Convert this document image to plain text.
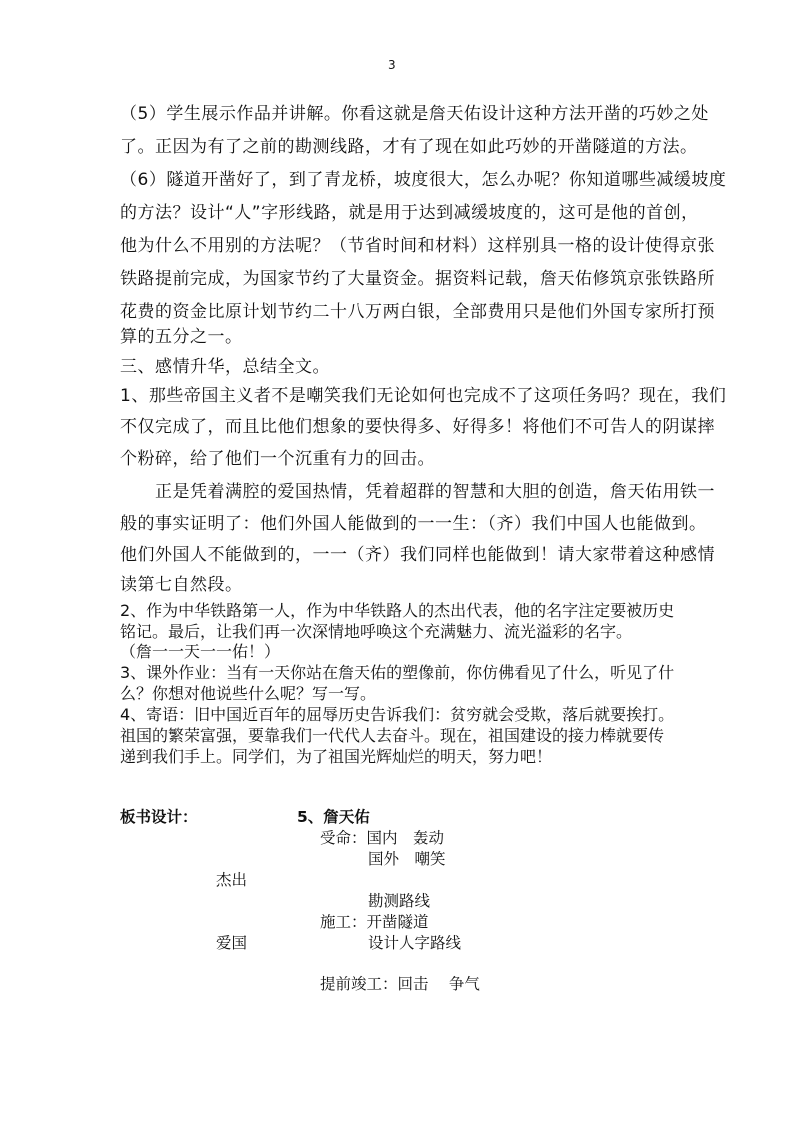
3
（5）学生展示作品并讲解。你看这就是詹天佑设计这种方法开凿的巧妙之处
了。正因为有了之前的勘测线路，才有了现在如此巧妙的开凿隧道的方法。
（6）隧道开凿好了，到了青龙桥，坡度很大，怎么办呢？你知道哪些减缓坡度
的方法？设计“人”字形线路，就是用于达到减缓坡度的，这可是他的首创，
他为什么不用别的方法呢？（节省时间和材料）这样别具一格的设计使得京张
铁路提前完成，为国家节约了大量资金。据资料记载，詹天佑修筑京张铁路所
花费的资金比原计划节约二十八万两白银，全部费用只是他们外国专家所打预
算的五分之一。
三、感情升华，总结全文。
1、那些帝国主义者不是嘲笑我们无论如何也完成不了这项任务吗？现在，我们
不仅完成了，而且比他们想象的要快得多、好得多！将他们不可告人的阴谋摔
个粉碎，给了他们一个沉重有力的回击。
　　正是凭着满腔的爱国热情，凭着超群的智慧和大胆的创造，詹天佑用铁一
般的事实证明了：他们外国人能做到的一一生：（齐）我们中国人也能做到。
他们外国人不能做到的，一一（齐）我们同样也能做到！请大家带着这种感情
读第七自然段。
2、作为中华铁路第一人，作为中华铁路人的杰出代表，他的名字注定要被历史
铭记。最后，让我们再一次深情地呼唤这个充满魅力、流光溢彩的名字。
（詹一一天一一佑！）
3、课外作业：当有一天你站在詹天佑的塑像前，你仿佛看见了什么，听见了什
么？你想对他说些什么呢？写一写。
4、寄语：旧中国近百年的屈辱历史告诉我们：贫穷就会受欺，落后就要挨打。
祖国的繁荣富强，要靠我们一代代人去奋斗。现在，祖国建设的接力棒就要传
递到我们手上。同学们，为了祖国光辉灿烂的明天，努力吧！
板书设计：	5、詹天佑
受命：国内　轰动
国外　嘲笑
杰出
勘测路线
施工：开凿隧道
爱国	设计人字路线
提前竣工：回击　 争气
